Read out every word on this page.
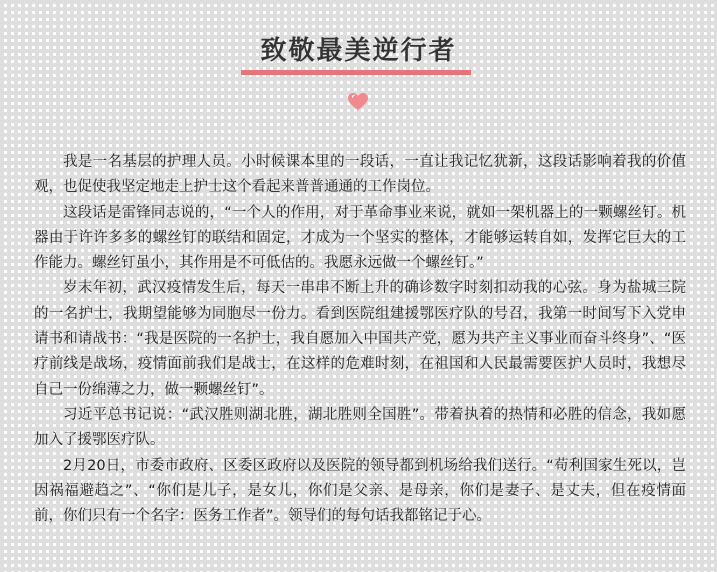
致敬最美逆行者

我是一名基层的护理人员。小时候课本里的一段话，一直让我记忆犹新，这段话影响着我的价值观，也促使我坚定地走上护士这个看起来普普通通的工作岗位。

这段话是雷锋同志说的，“一个人的作用，对于革命事业来说，就如一架机器上的一颗螺丝钉。机器由于许许多多的螺丝钉的联结和固定，才成为一个坚实的整体，才能够运转自如，发挥它巨大的工作能力。螺丝钉虽小，其作用是不可低估的。我愿永远做一个螺丝钉。”

岁末年初，武汉疫情发生后，每天一串串不断上升的确诊数字时刻扣动我的心弦。身为盐城三院的一名护士，我期望能够为同胞尽一份力。看到医院组建援鄂医疗队的号召，我第一时间写下入党申请书和请战书：“我是医院的一名护士，我自愿加入中国共产党，愿为共产主义事业而奋斗终身”、“医疗前线是战场，疫情面前我们是战士，在这样的危难时刻，在祖国和人民最需要医护人员时，我想尽自己一份绵薄之力，做一颗螺丝钉”。

习近平总书记说：“武汉胜则湖北胜，湖北胜则全国胜”。带着执着的热情和必胜的信念，我如愿加入了援鄂医疗队。

2月20日，市委市政府、区委区政府以及医院的领导都到机场给我们送行。“苟利国家生死以，岂因祸福避趋之”、“你们是儿子，是女儿，你们是父亲、是母亲，你们是妻子、是丈夫，但在疫情面前，你们只有一个名字：医务工作者”。领导们的每句话我都铭记于心。
